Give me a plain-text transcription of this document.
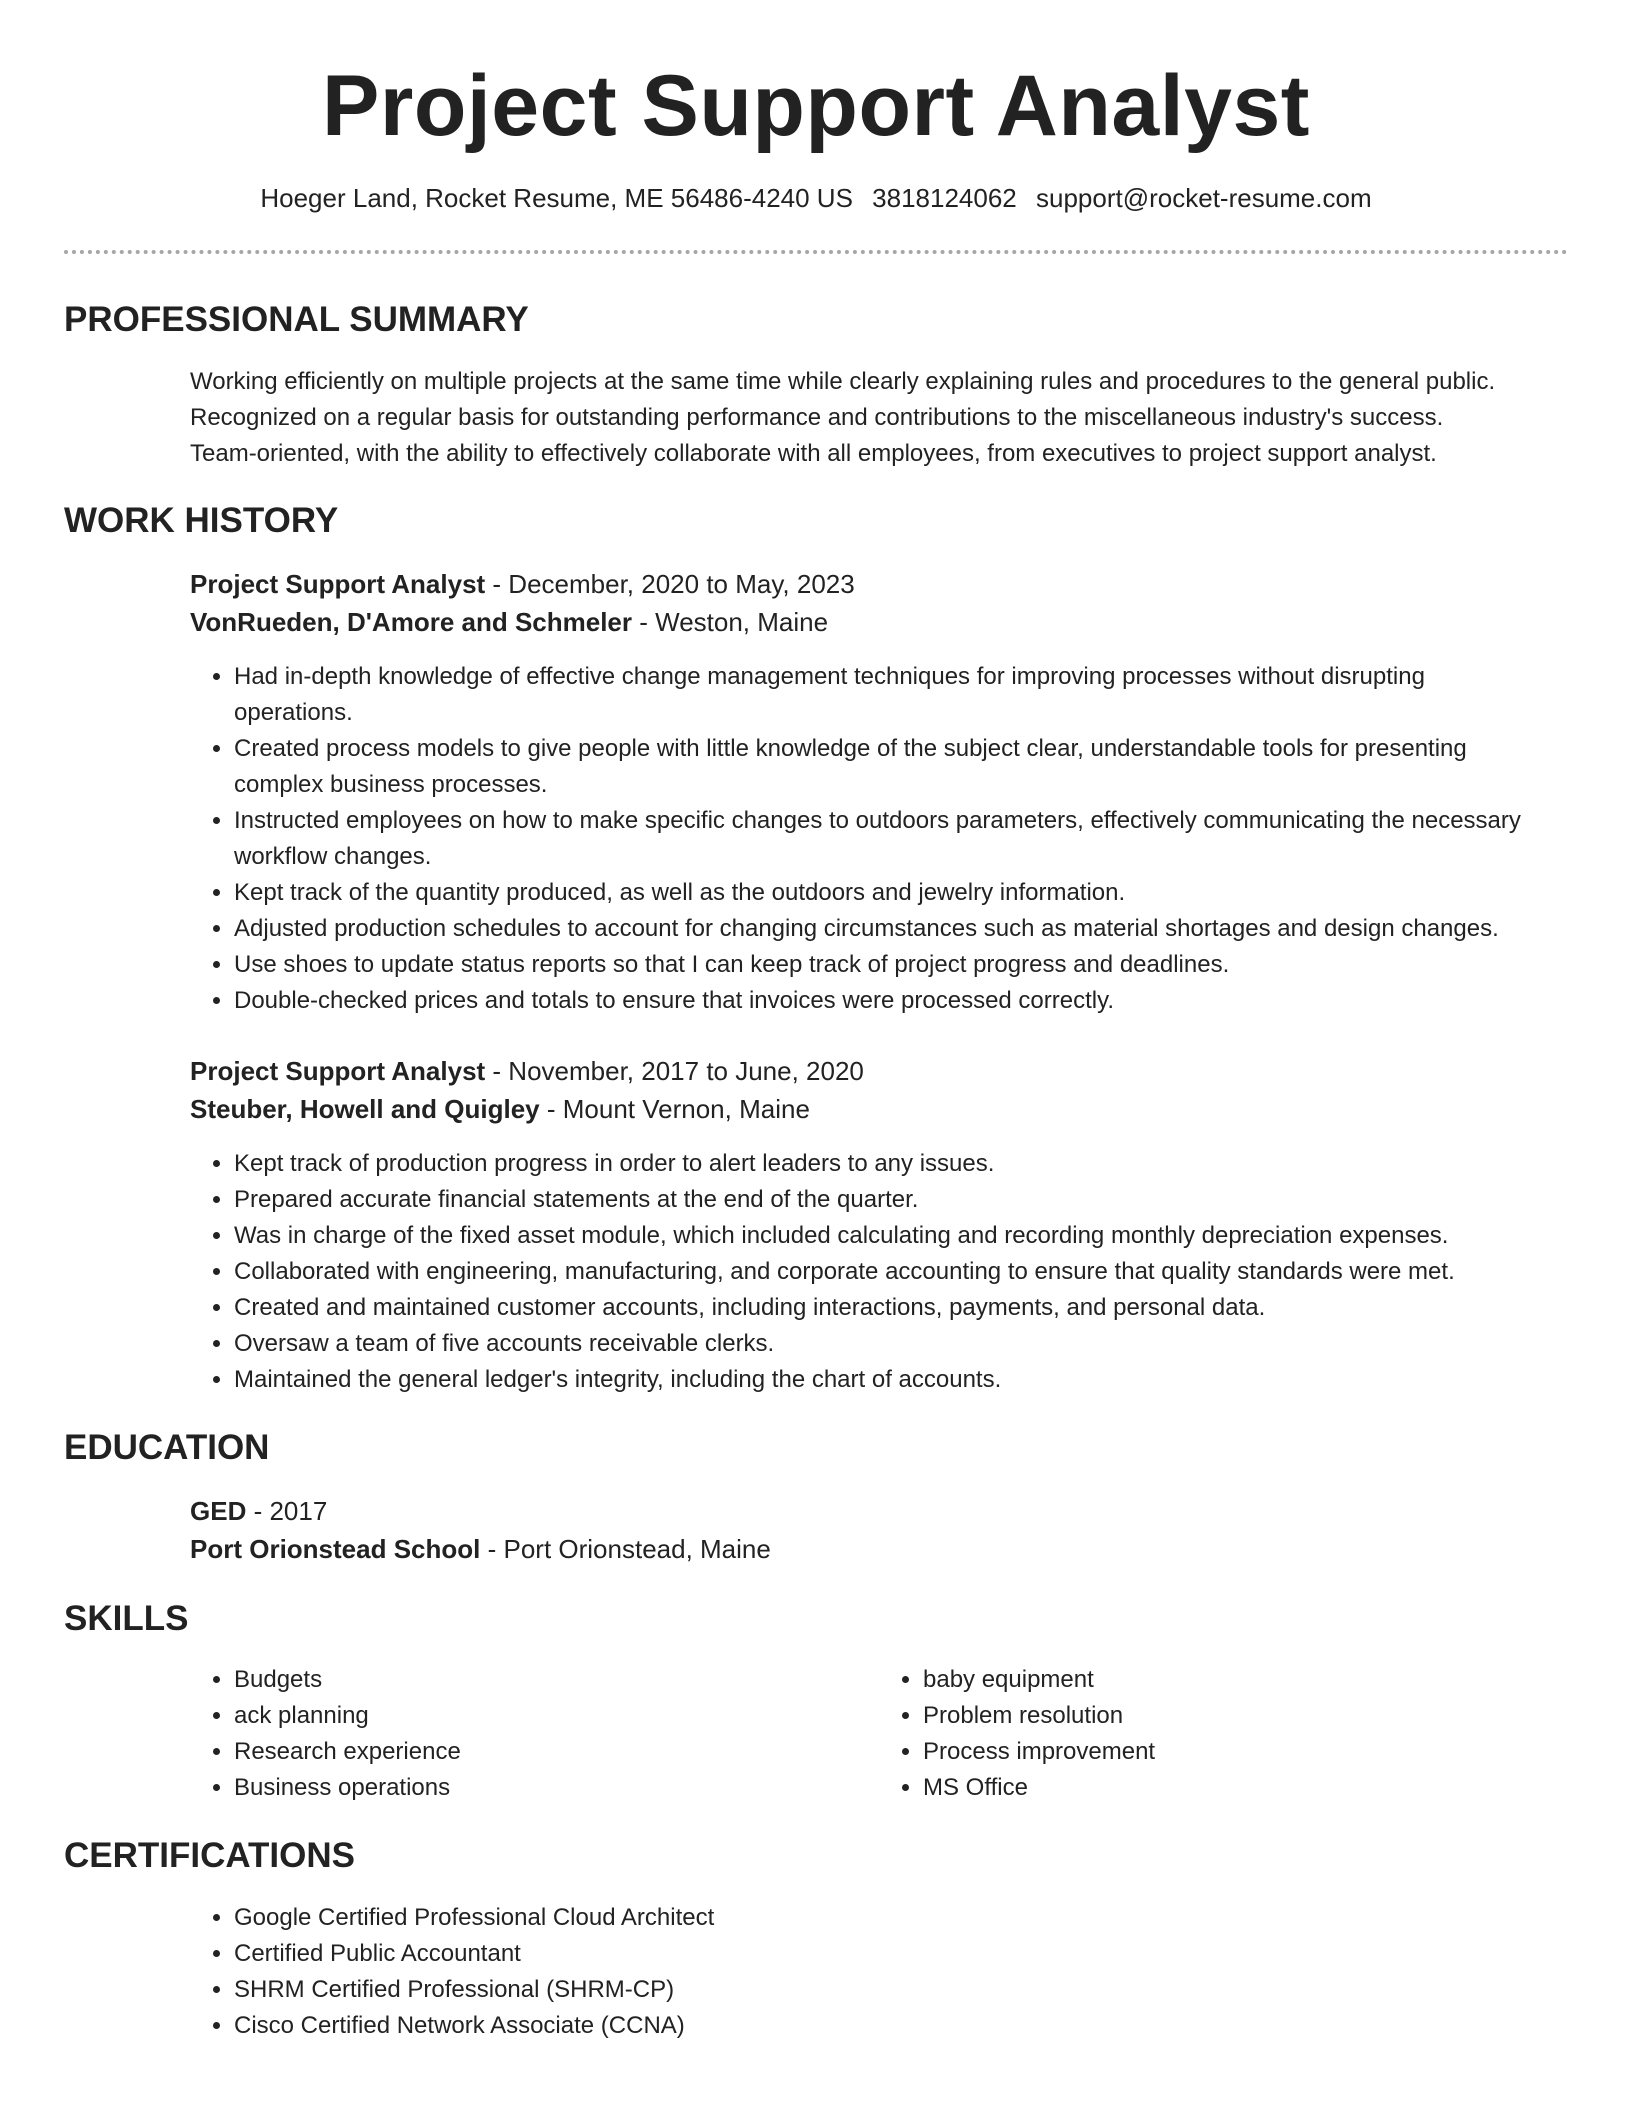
Project Support Analyst
Hoeger Land, Rocket Resume, ME 56486-4240 US 3818124062 support@rocket-resume.com
PROFESSIONAL SUMMARY

Working efficiently on multiple projects at the same time while clearly explaining rules and procedures to the general public.

Recognized on a regular basis for outstanding performance and contributions to the miscellaneous industry's success.

Team-oriented, with the ability to effectively collaborate with all employees, from executives to project support analyst.

WORK HISTORY

Project Support Analyst - December, 2020 to May, 2023

VonRueden, D'Amore and Schmeler - Weston, Maine

• Had in-depth knowledge of effective change management techniques for improving processes without disrupting operations.
• Created process models to give people with little knowledge of the subject clear, understandable tools for presenting complex business processes.
• Instructed employees on how to make specific changes to outdoors parameters, effectively communicating the necessary workflow changes.
• Kept track of the quantity produced, as well as the outdoors and jewelry information.
• Adjusted production schedules to account for changing circumstances such as material shortages and design changes.
• Use shoes to update status reports so that I can keep track of project progress and deadlines.
• Double-checked prices and totals to ensure that invoices were processed correctly.

Project Support Analyst - November, 2017 to June, 2020

Steuber, Howell and Quigley - Mount Vernon, Maine

• Kept track of production progress in order to alert leaders to any issues.
• Prepared accurate financial statements at the end of the quarter.
• Was in charge of the fixed asset module, which included calculating and recording monthly depreciation expenses.
• Collaborated with engineering, manufacturing, and corporate accounting to ensure that quality standards were met.
• Created and maintained customer accounts, including interactions, payments, and personal data.
• Oversaw a team of five accounts receivable clerks.
• Maintained the general ledger's integrity, including the chart of accounts.
EDUCATION

GED - 2017

Port Orionstead School - Port Orionstead, Maine

SKILLS
• Budgets
• ack planning
• Research experience
• Business operations
• baby equipment
• Problem resolution
• Process improvement
• MS Office
CERTIFICATIONS
• Google Certified Professional Cloud Architect
• Certified Public Accountant
• SHRM Certified Professional (SHRM-CP)
• Cisco Certified Network Associate (CCNA)
